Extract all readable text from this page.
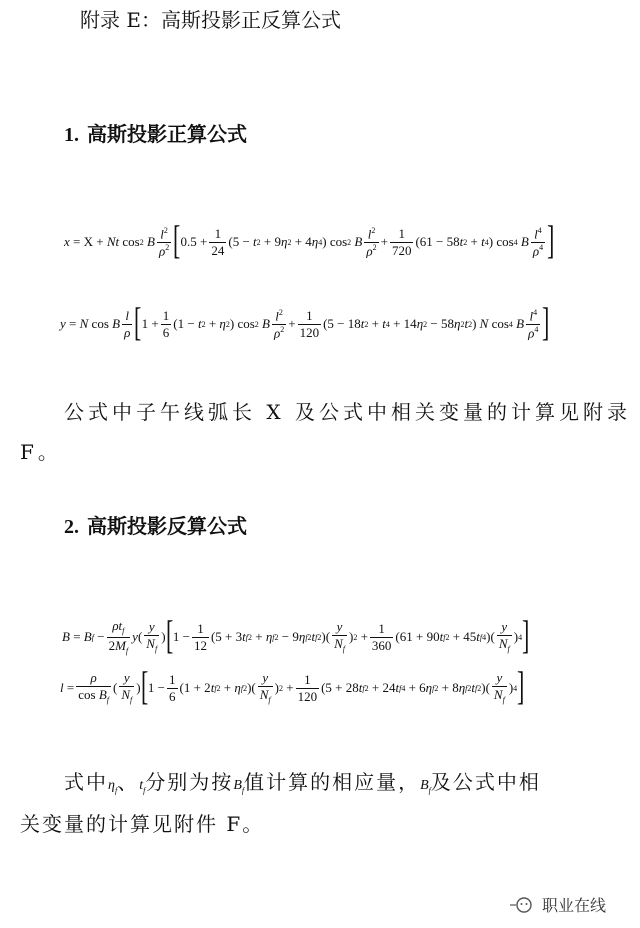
附录 E：高斯投影正反算公式
1. 高斯投影正算公式
x = X + Nt cos 2
B $\frac{l^2}{\rho^2}$ [ $0.5 + \frac{1}{24} (5 - t$ 2 + 9 η 2 + 4 η 4 ) cos 2
B $\frac{l^2}{\rho^2} + \frac{1}{720} (61 - 58$ t 2 + t 4 ) cos 4
B $\frac{l^4}{\rho^4}$ ]
y = N cos B $\frac{l}{\rho}$ [ $1 + \frac{1}{6} (1 - t$ 2 + η 2 ) cos 2
B $\frac{l^2}{\rho^2} + \frac{1}{120} (5 - 18$ t 2 + t 4 + 14 η 2 − 58 η 2 t 2 ) N cos 4
B $\frac{l^4}{\rho^4}$ ]
公式中子午线弧长 X 及公式中相关变量的计算见附录
F。
2. 高斯投影反算公式
B = B $f - \frac{\rho t_f}{2M_f}$ y ( $\frac{y}{N_f}$ ) [ $1 - \frac{1}{12} (5 + 3$ t f 2 + η f 2 − 9 η f 2 t f 2 )( $\frac{y}{N_f}$ ) $2 + \frac{1}{360} (61 + 90$ t f 2 + 45 t f 4 )( $\frac{y}{N_f}$ ) 4 ]
$l = \frac{\rho}{\cos B_f}$ ( $\frac{y}{N_f}$ ) [ $1 - \frac{1}{6} (1 + 2$ t f 2 + η f 2 )( $\frac{y}{N_f}$ ) $2 + \frac{1}{120} (5 + 28$ t f 2 + 24 t f 4 + 6 η f 2 + 8 η f 2 t f 2 )( $\frac{y}{N_f}$ ) 4 ]
式中$\eta_f$、$t_f$分别为按$B_f$值计算的相应量，$B_f$及公式中相
关变量的计算见附件 F。
职业在线
